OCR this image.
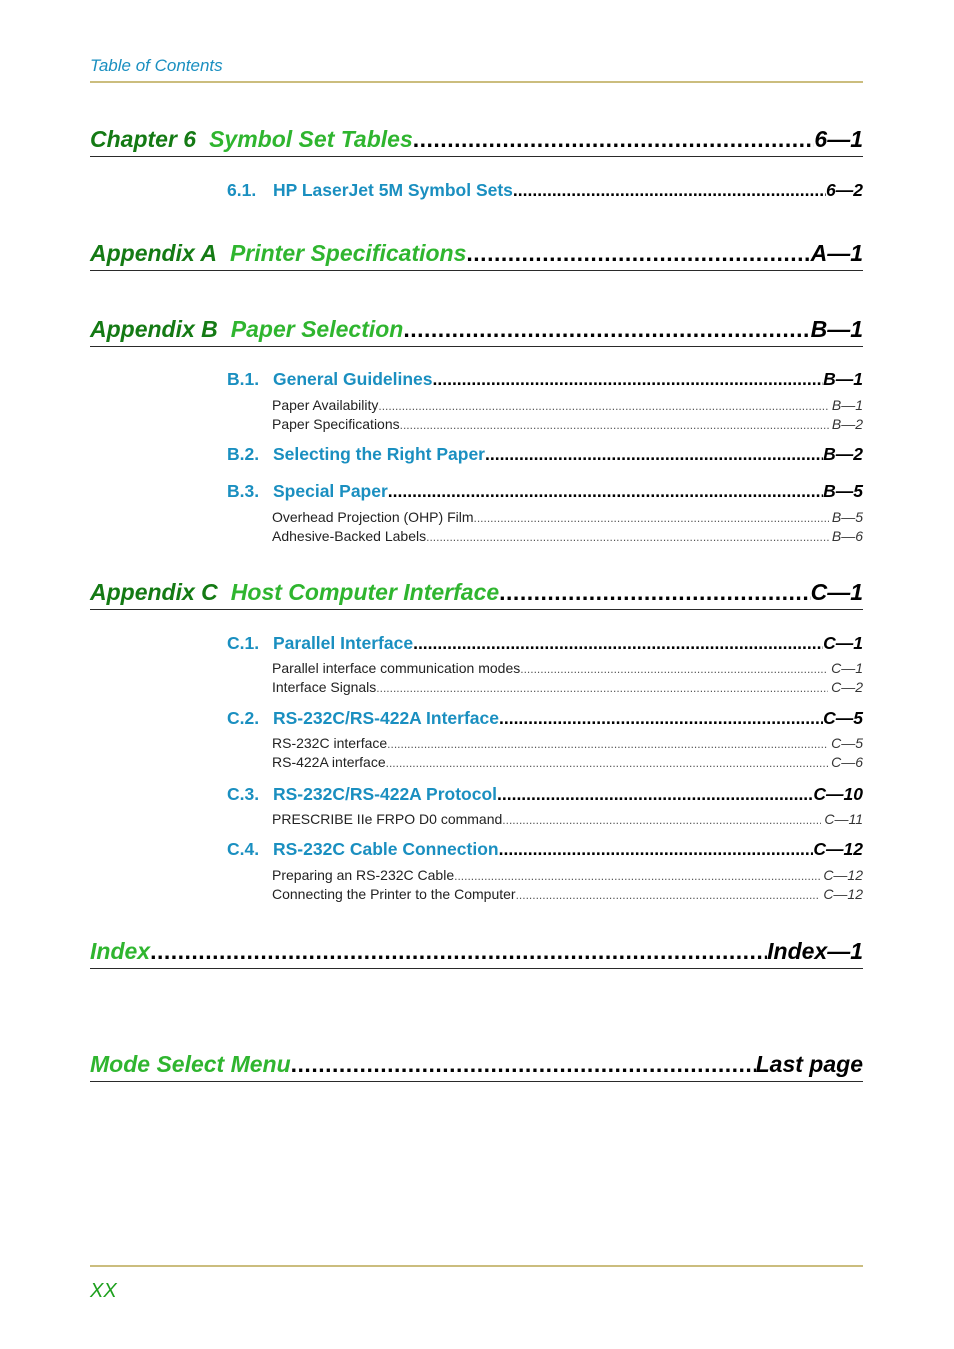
Table of Contents
Chapter 6 Symbol Set Tables .....	6—1
6.1. HP LaserJet 5M Symbol Sets .....	6—2
Appendix A Printer Specifications .....	A—1
Appendix B Paper Selection .....	B—1
B.1. General Guidelines .....	B—1
Paper Availability .....	B—1
Paper Specifications .....	B—2
B.2. Selecting the Right Paper .....	B—2
B.3. Special Paper .....	B—5
Overhead Projection (OHP) Film .....	B—5
Adhesive-Backed Labels .....	B—6
Appendix C Host Computer Interface .....	C—1
C.1. Parallel Interface .....	C—1
Parallel interface communication modes .....	C—1
Interface Signals .....	C—2
C.2. RS-232C/RS-422A Interface .....	C—5
RS-232C interface .....	C—5
RS-422A interface .....	C—6
C.3. RS-232C/RS-422A Protocol .....	C—10
PRESCRIBE IIe FRPO D0 command .....	C—11
C.4. RS-232C Cable Connection .....	C—12
Preparing an RS-232C Cable .....	C—12
Connecting the Printer to the Computer .....	C—12
Index .....	Index—1
Mode Select Menu .....	Last page
XX
